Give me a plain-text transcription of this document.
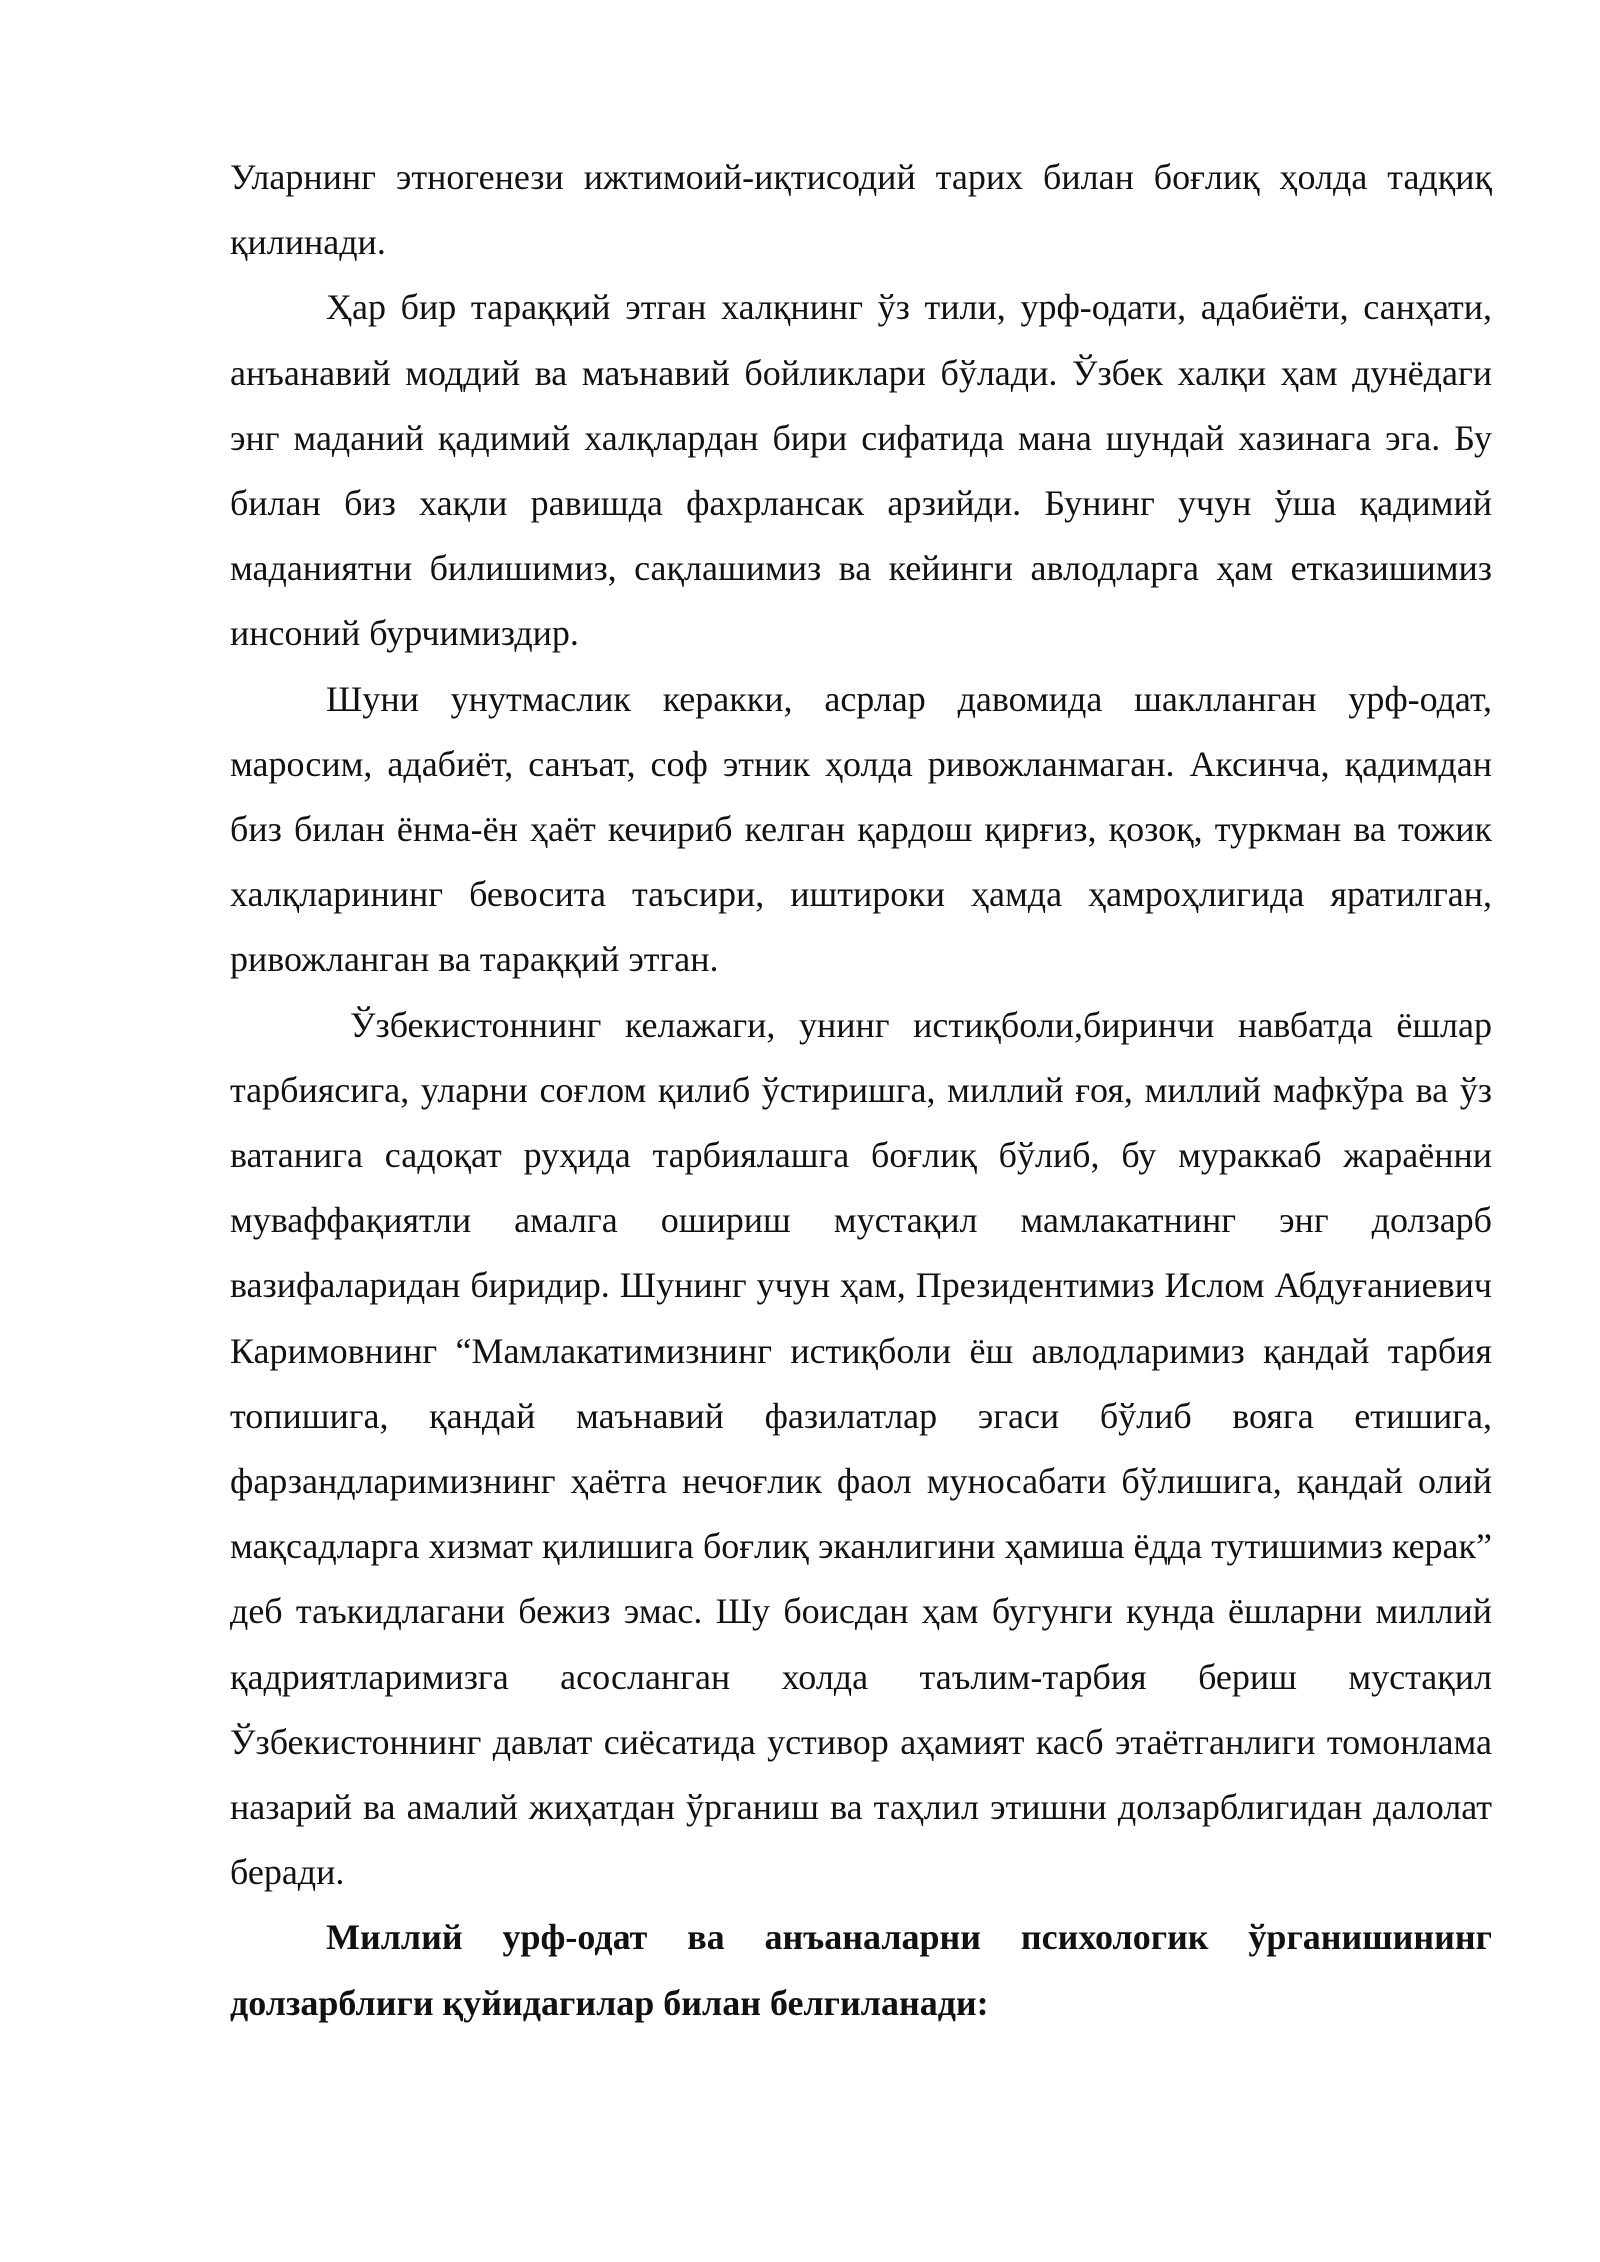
Уларнинг этногенези ижтимоий-иқтисодий тарих билан боғлиқ ҳолда тадқиқ қилинади.

Ҳар бир тараққий этган халқнинг ўз тили, урф-одати, адабиёти, санҳати, анъанавий моддий ва маънавий бойликлари бўлади. Ўзбек халқи ҳам дунёдаги энг маданий қадимий халқлардан бири сифатида мана шундай хазинага эга. Бу билан биз хақли равишда фахрлансак арзийди. Бунинг учун ўша қадимий маданиятни билишимиз, сақлашимиз ва кейинги авлодларга ҳам етказишимиз инсоний бурчимиздир.

Шуни унутмаслик керакки, асрлар давомида шаклланган урф-одат, маросим, адабиёт, санъат, соф этник ҳолда ривожланмаган. Аксинча, қадимдан биз билан ёнма-ён ҳаёт кечириб келган қардош қирғиз, қозоқ, туркман ва тожик халқларининг бевосита таъсири, иштироки ҳамда ҳамроҳлигида яратилган, ривожланган ва тараққий этган.

Ўзбекистоннинг келажаги, унинг истиқболи,биринчи навбатда ёшлар тарбиясига, уларни соғлом қилиб ўстиришга, миллий ғоя, миллий мафкўра ва ўз ватанига садоқат руҳида тарбиялашга боғлиқ бўлиб, бу мураккаб жараённи муваффақиятли амалга ошириш мустақил мамлакатнинг энг долзарб вазифаларидан биридир. Шунинг учун ҳам, Президентимиз Ислом Абдуғаниевич Каримовнинг “Мамлакатимизнинг истиқболи ёш авлодларимиз қандай тарбия топишига, қандай маънавий фазилатлар эгаси бўлиб вояга етишига, фарзандларимизнинг ҳаётга нечоғлик фаол муносабати бўлишига, қандай олий мақсадларга хизмат қилишига боғлиқ эканлигини ҳамиша ёдда тутишимиз керак” деб таъкидлагани бежиз эмас. Шу боисдан ҳам бугунги кунда ёшларни миллий қадриятларимизга асосланган холда таълим-тарбия бериш мустақил Ўзбекистоннинг давлат сиёсатида устивор аҳамият касб этаётганлиги томонлама назарий ва амалий жиҳатдан ўрганиш ва таҳлил этишни долзарблигидан далолат беради.

Миллий урф-одат ва анъаналарни психологик ўрганишининг долзарблиги қуйидагилар билан белгиланади:
